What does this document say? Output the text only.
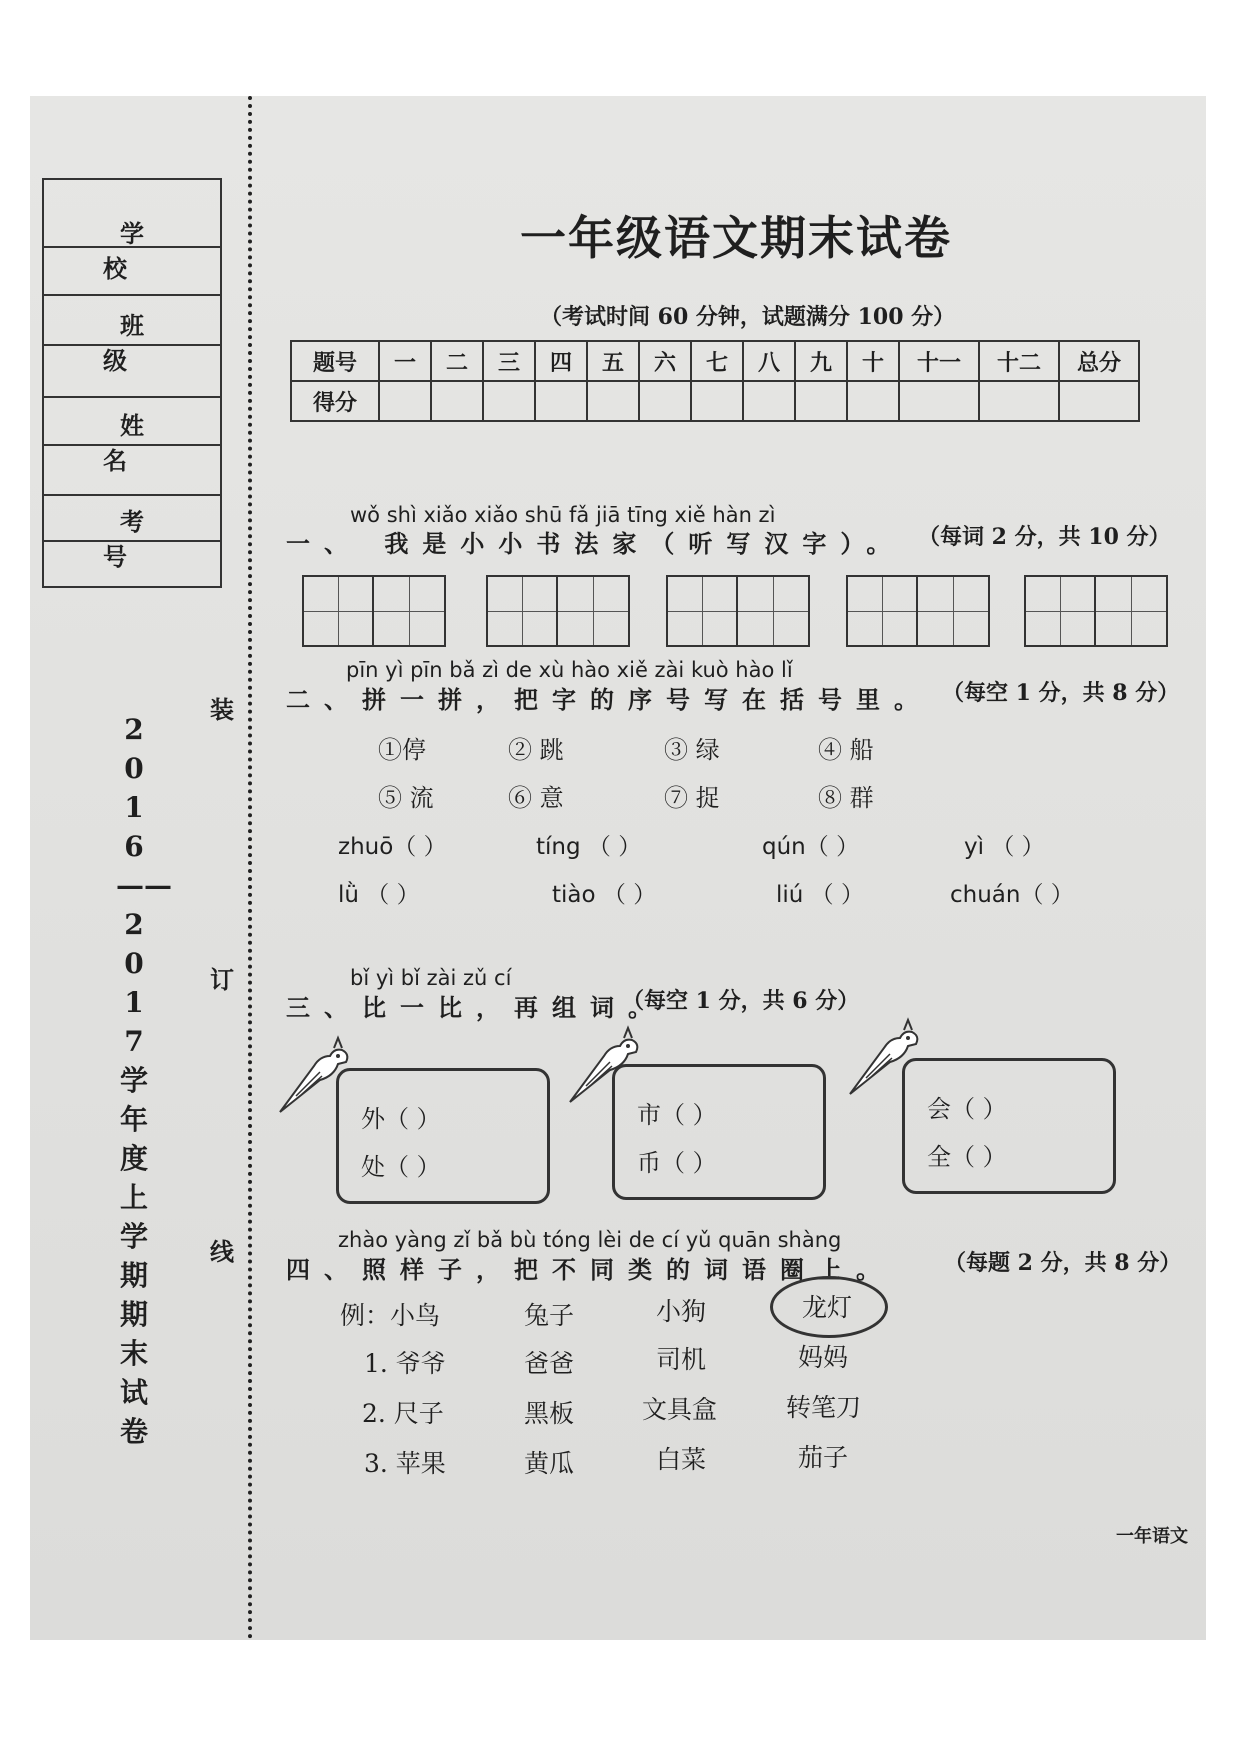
学 校
班 级
姓 名
考 号
2016——2017学年度上学期期末试卷
装
订
线
一年级语文期末试卷
（考试时间 60 分钟，试题满分 100 分）
题号	一	二	三	四	五	六	七	八	九	十	十一	十二	总分
得分													
wǒ shì xiǎo xiǎo shū fǎ jiā tīng xiě hàn zì
一、 我是小小书法家（听写汉字）。 （每词 2 分，共 10 分）
pīn yì pīn bǎ zì de xù hào xiě zài kuò hào lǐ
二、拼一拼，把字的序号写在括号里。 （每空 1 分，共 8 分）
①停	② 跳	③ 绿	④ 船
⑤ 流	⑥ 意	⑦ 捉	⑧ 群
zhuō（ ）	tíng （ ）	qún（ ）	yì （ ）
lǜ （ ）	tiào （ ）	liú （ ）	chuán（ ）
bǐ yì bǐ zài zǔ cí
三、比一比，再组词。
（每空 1 分，共 6 分）
外（ ）
处（ ）
市（ ）
币（ ）
会（ ）
全（ ）
zhào yàng zǐ bǎ bù tóng lèi de cí yǔ quān shàng
四、照样子，把不同类的词语圈上。 （每题 2 分，共 8 分）
例：小鸟	兔子	小狗	龙灯
1. 爷爷	爸爸	司机	妈妈
2. 尺子	黑板	文具盒	转笔刀
3. 苹果	黄瓜	白菜	茄子
一年语文
